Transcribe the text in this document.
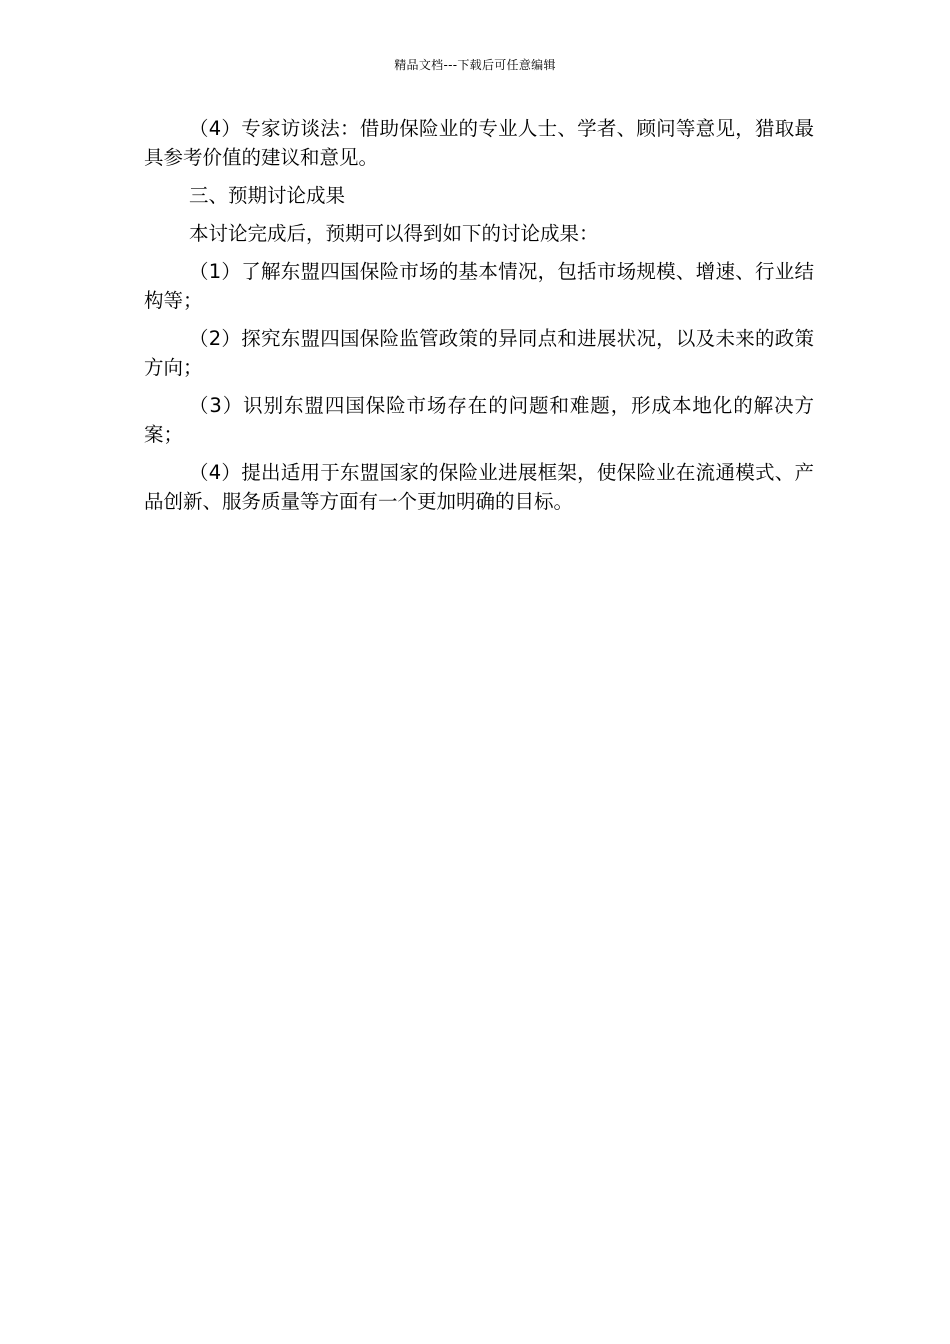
精品文档---下载后可任意编辑

（4）专家访谈法：借助保险业的专业人士、学者、顾问等意见，猎取最具参考价值的建议和意见。

三、预期讨论成果

本讨论完成后，预期可以得到如下的讨论成果：

（1）了解东盟四国保险市场的基本情况，包括市场规模、增速、行业结构等；

（2）探究东盟四国保险监管政策的异同点和进展状况，以及未来的政策方向；

（3）识别东盟四国保险市场存在的问题和难题，形成本地化的解决方案；

（4）提出适用于东盟国家的保险业进展框架，使保险业在流通模式、产品创新、服务质量等方面有一个更加明确的目标。
